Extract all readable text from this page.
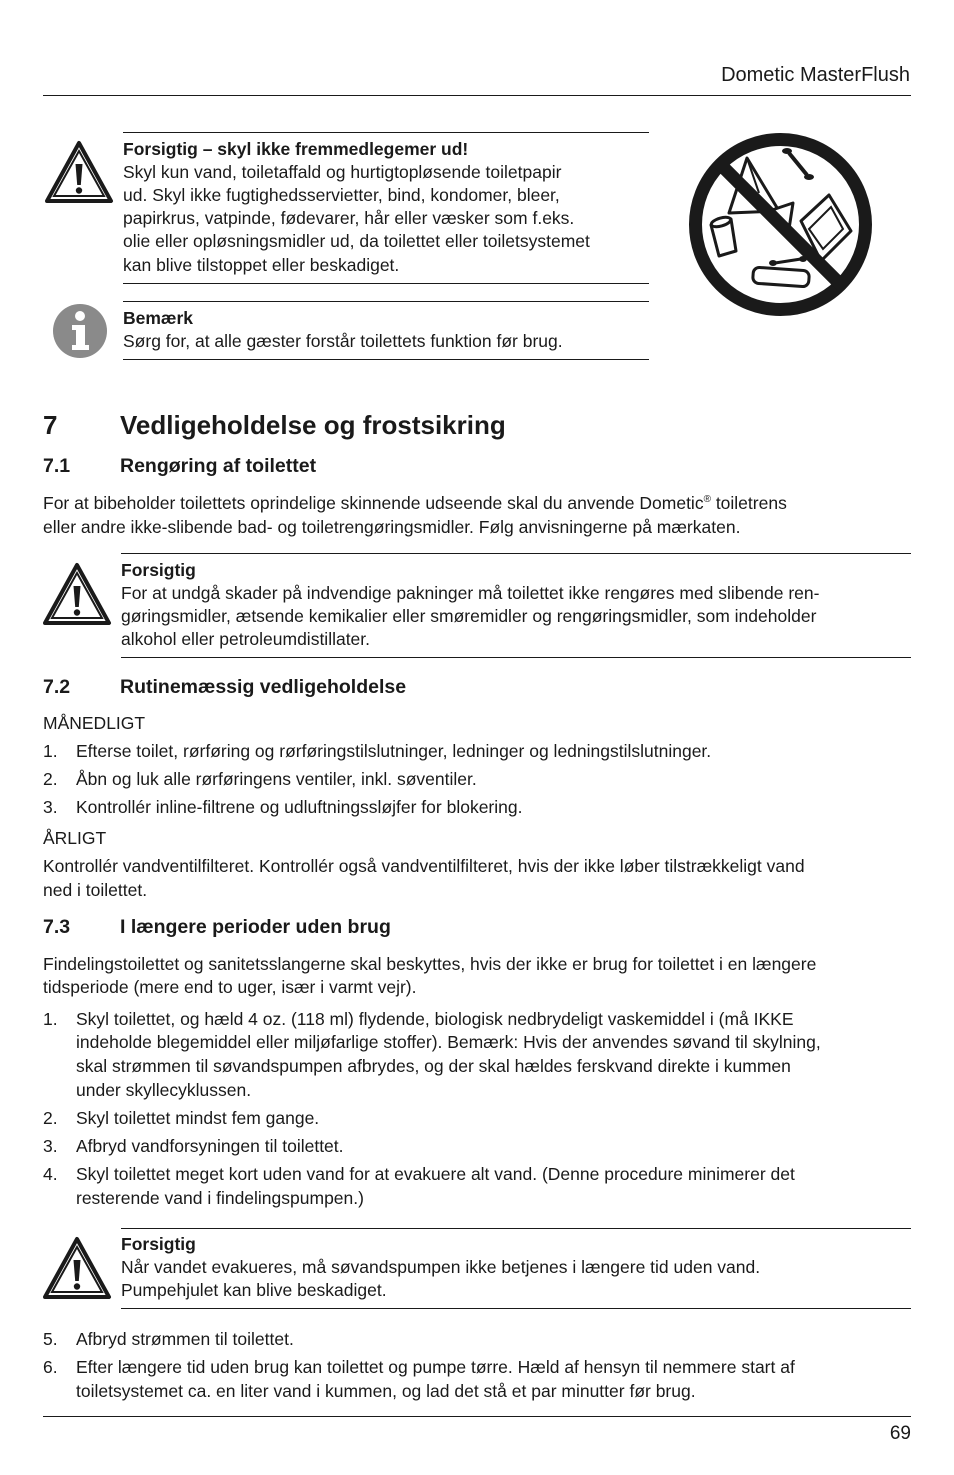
Dometic MasterFlush
Forsigtig – skyl ikke fremmedlegemer ud!
Skyl kun vand, toiletaffald og hurtigtopløsende toiletpapir
ud. Skyl ikke fugtighedsservietter, bind, kondomer, bleer,
papirkrus, vatpinde, fødevarer, hår eller væsker som f.eks.
olie eller opløsningsmidler ud, da toilettet eller toiletsystemet
kan blive tilstoppet eller beskadiget.
Bemærk
Sørg for, at alle gæster forstår toilettets funktion før brug.
7 Vedligeholdelse og frostsikring
7.1	Rengøring af toilettet
For at bibeholder toilettets oprindelige skinnende udseende skal du anvende Dometic® toiletrens
eller andre ikke-slibende bad- og toiletrengøringsmidler. Følg anvisningerne på mærkaten.
Forsigtig
For at undgå skader på indvendige pakninger må toilettet ikke rengøres med slibende ren-
gøringsmidler, ætsende kemikalier eller smøremidler og rengøringsmidler, som indeholder
alkohol eller petroleumdistillater.
7.2	Rutinemæssig vedligeholdelse
MÅNEDLIGT
1. Efterse toilet, rørføring og rørføringstilslutninger, ledninger og ledningstilslutninger.
2. Åbn og luk alle rørføringens ventiler, inkl. søventiler.
3. Kontrollér inline-filtrene og udluftningssløjfer for blokering.
ÅRLIGT
Kontrollér vandventilfilteret. Kontrollér også vandventilfilteret, hvis der ikke løber tilstrækkeligt vand
ned i toilettet.
7.3	I længere perioder uden brug
Findelingstoilettet og sanitetsslangerne skal beskyttes, hvis der ikke er brug for toilettet i en længere
tidsperiode (mere end to uger, især i varmt vejr).
1. Skyl toilettet, og hæld 4 oz. (118 ml) flydende, biologisk nedbrydeligt vaskemiddel i (må IKKE
indeholde blegemiddel eller miljøfarlige stoffer). Bemærk: Hvis der anvendes søvand til skylning,
skal strømmen til søvandspumpen afbrydes, og der skal hældes ferskvand direkte i kummen
under skyllecyklussen.
2. Skyl toilettet mindst fem gange.
3. Afbryd vandforsyningen til toilettet.
4. Skyl toilettet meget kort uden vand for at evakuere alt vand. (Denne procedure minimerer det
resterende vand i findelingspumpen.)
Forsigtig
Når vandet evakueres, må søvandspumpen ikke betjenes i længere tid uden vand.
Pumpehjulet kan blive beskadiget.
5. Afbryd strømmen til toilettet.
6. Efter længere tid uden brug kan toilettet og pumpe tørre. Hæld af hensyn til nemmere start af
toiletsystemet ca. en liter vand i kummen, og lad det stå et par minutter før brug.
69
